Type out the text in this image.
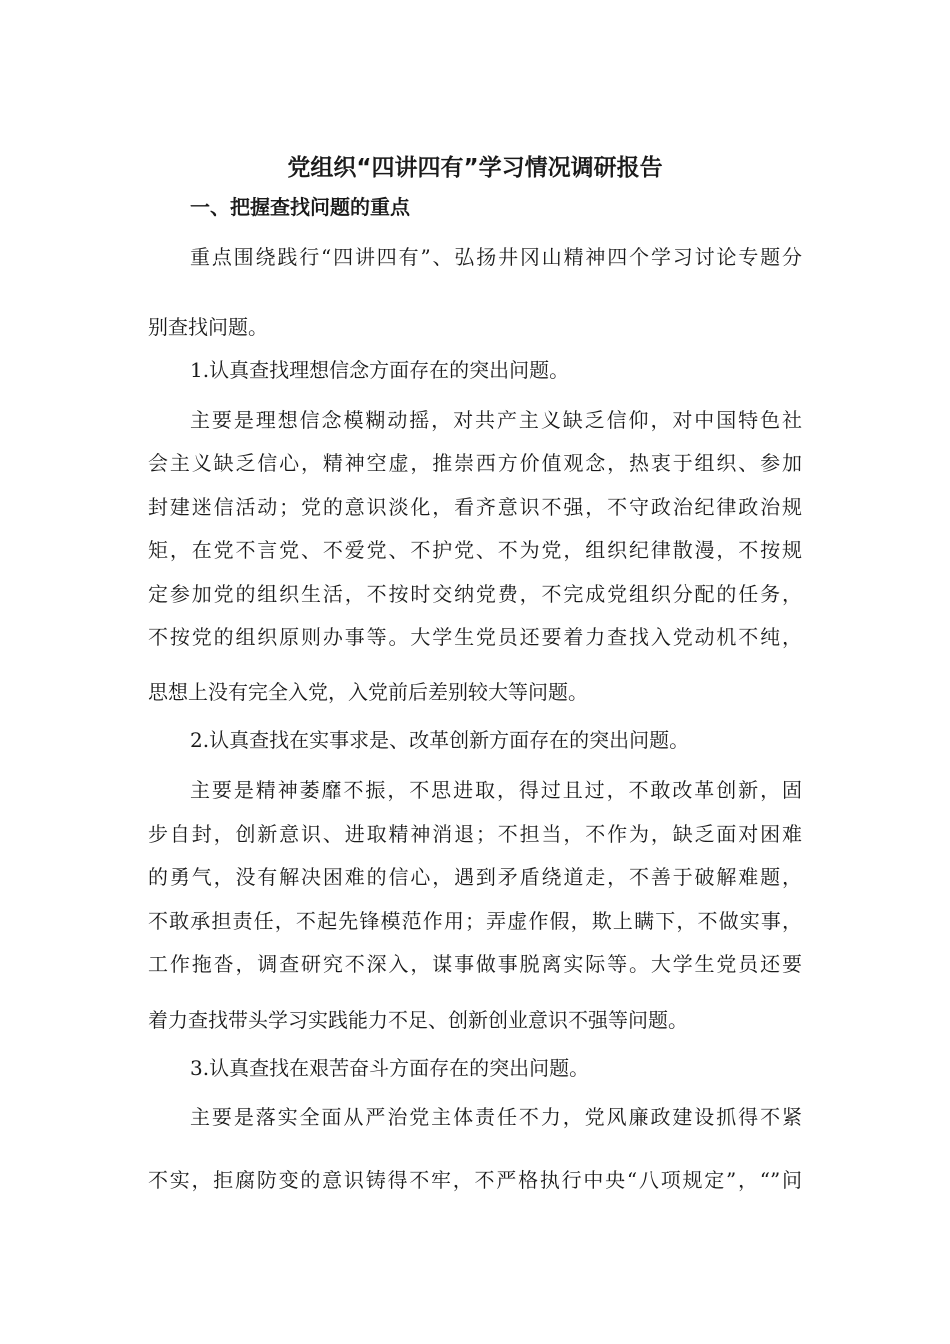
党组织“四讲四有”学习情况调研报告
一、把握查找问题的重点
重点围绕践行“四讲四有”、弘扬井冈山精神四个学习讨论专题分
别查找问题。
1.认真查找理想信念方面存在的突出问题。
主要是理想信念模糊动摇，对共产主义缺乏信仰，对中国特色社
会主义缺乏信心，精神空虚，推崇西方价值观念，热衷于组织、参加
封建迷信活动；党的意识淡化，看齐意识不强，不守政治纪律政治规
矩，在党不言党、不爱党、不护党、不为党，组织纪律散漫，不按规
定参加党的组织生活，不按时交纳党费，不完成党组织分配的任务，
不按党的组织原则办事等。大学生党员还要着力查找入党动机不纯，
思想上没有完全入党，入党前后差别较大等问题。
2.认真查找在实事求是、改革创新方面存在的突出问题。
主要是精神萎靡不振，不思进取，得过且过，不敢改革创新，固
步自封，创新意识、进取精神消退；不担当，不作为，缺乏面对困难
的勇气，没有解决困难的信心，遇到矛盾绕道走，不善于破解难题，
不敢承担责任，不起先锋模范作用；弄虚作假，欺上瞒下，不做实事，
工作拖沓，调查研究不深入，谋事做事脱离实际等。大学生党员还要
着力查找带头学习实践能力不足、创新创业意识不强等问题。
3.认真查找在艰苦奋斗方面存在的突出问题。
主要是落实全面从严治党主体责任不力，党风廉政建设抓得不紧
不实，拒腐防变的意识铸得不牢，不严格执行中央“八项规定”，“”问
